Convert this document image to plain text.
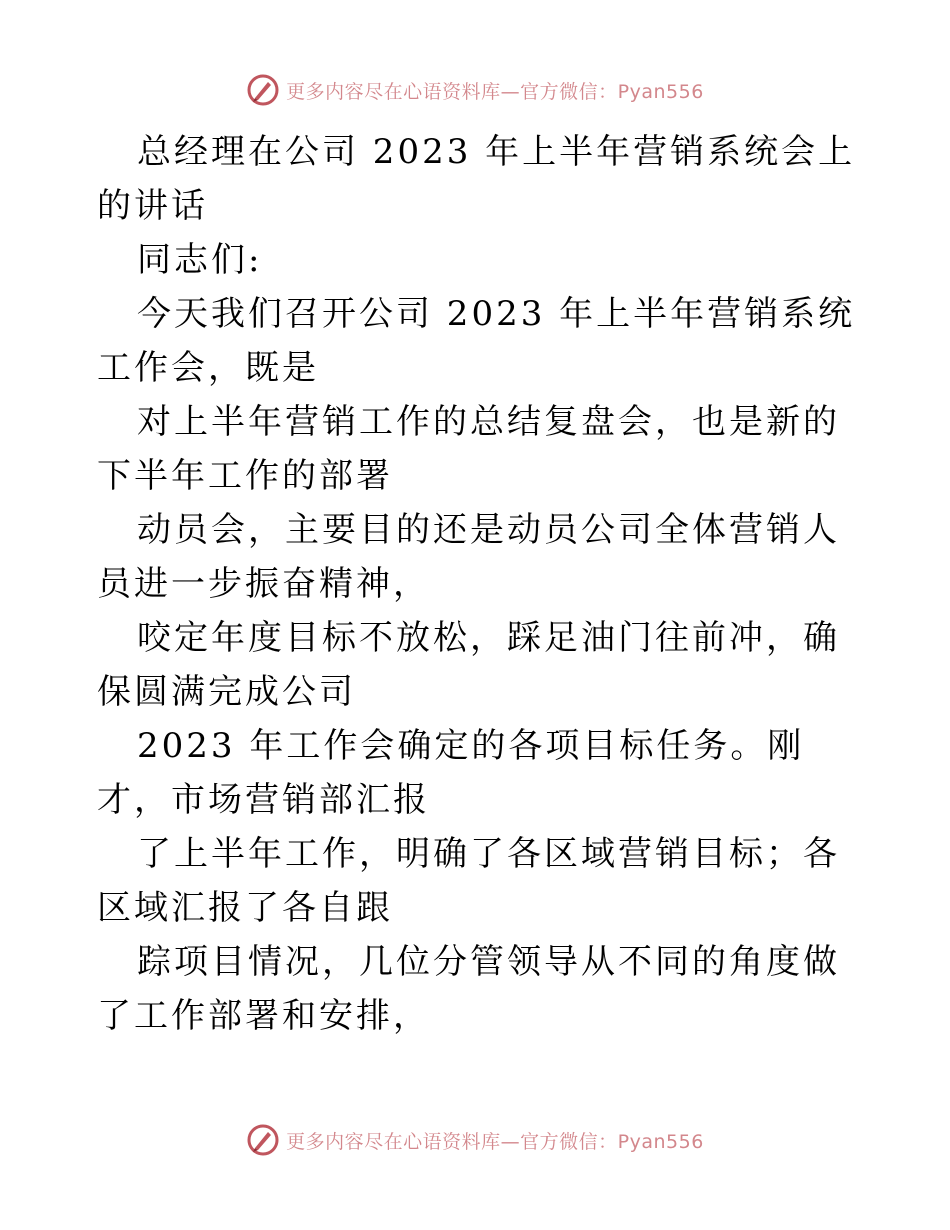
更多内容尽在心语资料库—官方微信：Pyan556

总经理在公司 2023 年上半年营销系统会上的讲话

同志们:

今天我们召开公司 2023 年上半年营销系统工作会，既是

对上半年营销工作的总结复盘会，也是新的下半年工作的部署

动员会，主要目的还是动员公司全体营销人员进一步振奋精神，

咬定年度目标不放松，踩足油门往前冲，确保圆满完成公司

2023 年工作会确定的各项目标任务。刚才，市场营销部汇报

了上半年工作，明确了各区域营销目标；各区域汇报了各自跟

踪项目情况，几位分管领导从不同的角度做了工作部署和安排，

更多内容尽在心语资料库—官方微信：Pyan556
